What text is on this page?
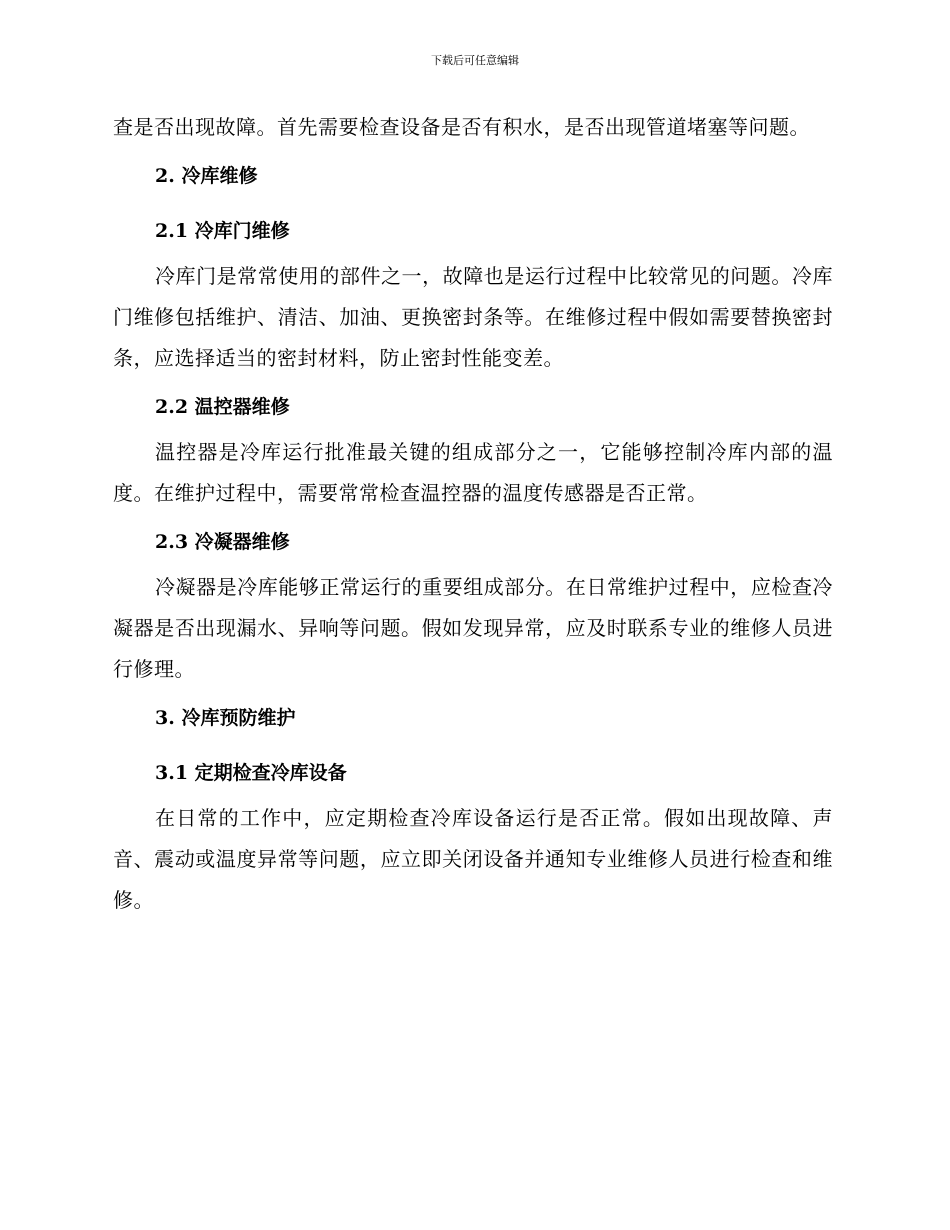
下载后可任意编辑

查是否出现故障。首先需要检查设备是否有积水，是否出现管道堵塞等问题。

2. 冷库维修
2.1 冷库门维修

冷库门是常常使用的部件之一，故障也是运行过程中比较常见的问题。冷库门维修包括维护、清洁、加油、更换密封条等。在维修过程中假如需要替换密封条，应选择适当的密封材料，防止密封性能变差。

2.2 温控器维修

温控器是冷库运行批准最关键的组成部分之一，它能够控制冷库内部的温度。在维护过程中，需要常常检查温控器的温度传感器是否正常。

2.3 冷凝器维修

冷凝器是冷库能够正常运行的重要组成部分。在日常维护过程中，应检查冷凝器是否出现漏水、异响等问题。假如发现异常，应及时联系专业的维修人员进行修理。

3. 冷库预防维护
3.1 定期检查冷库设备

在日常的工作中，应定期检查冷库设备运行是否正常。假如出现故障、声音、震动或温度异常等问题，应立即关闭设备并通知专业维修人员进行检查和维修。
